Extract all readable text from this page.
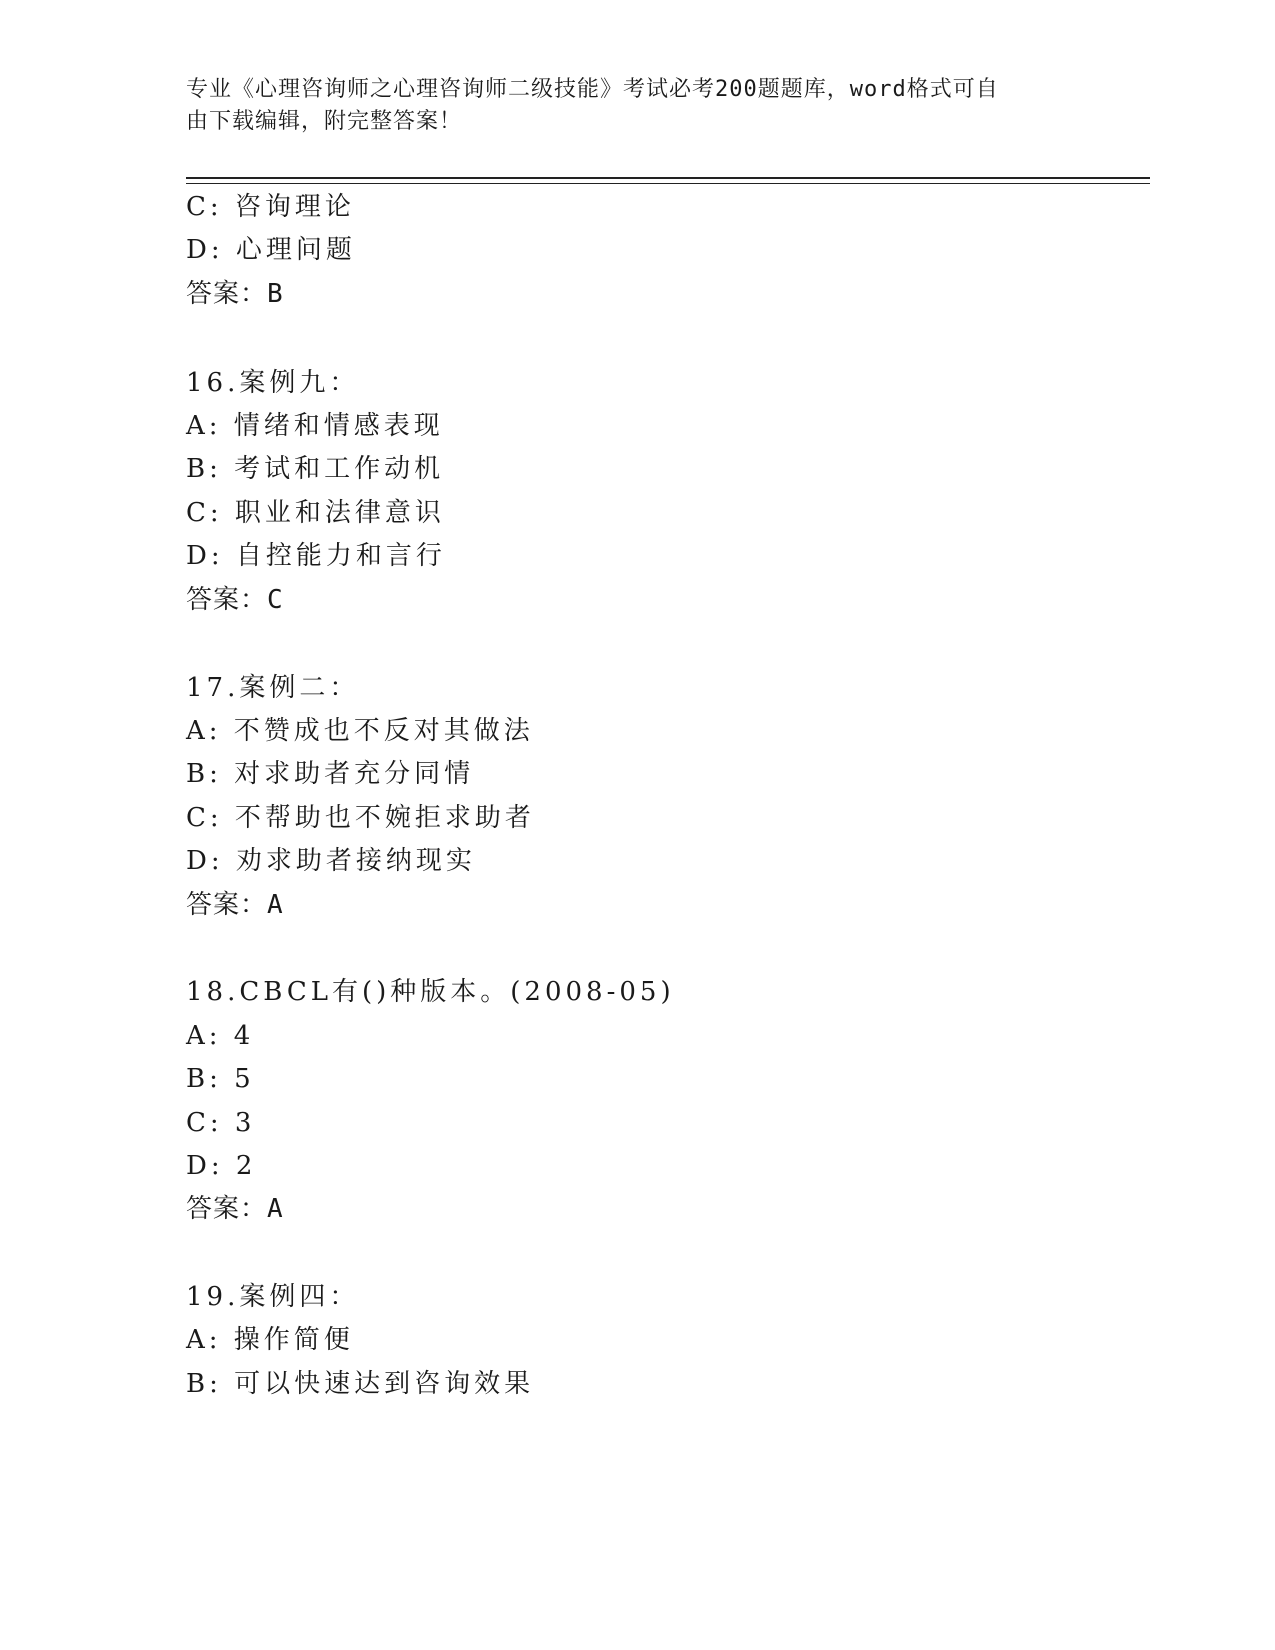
专业《心理咨询师之心理咨询师二级技能》考试必考200题题库，word格式可自
由下载编辑，附完整答案！
C: 咨询理论
D: 心理问题
答案：B
16.案例九：
A: 情绪和情感表现
B: 考试和工作动机
C: 职业和法律意识
D: 自控能力和言行
答案：C
17.案例二：
A: 不赞成也不反对其做法
B: 对求助者充分同情
C: 不帮助也不婉拒求助者
D: 劝求助者接纳现实
答案：A
18.CBCL有()种版本。(2008-05)
A: 4
B: 5
C: 3
D: 2
答案：A
19.案例四：
A: 操作简便
B: 可以快速达到咨询效果
